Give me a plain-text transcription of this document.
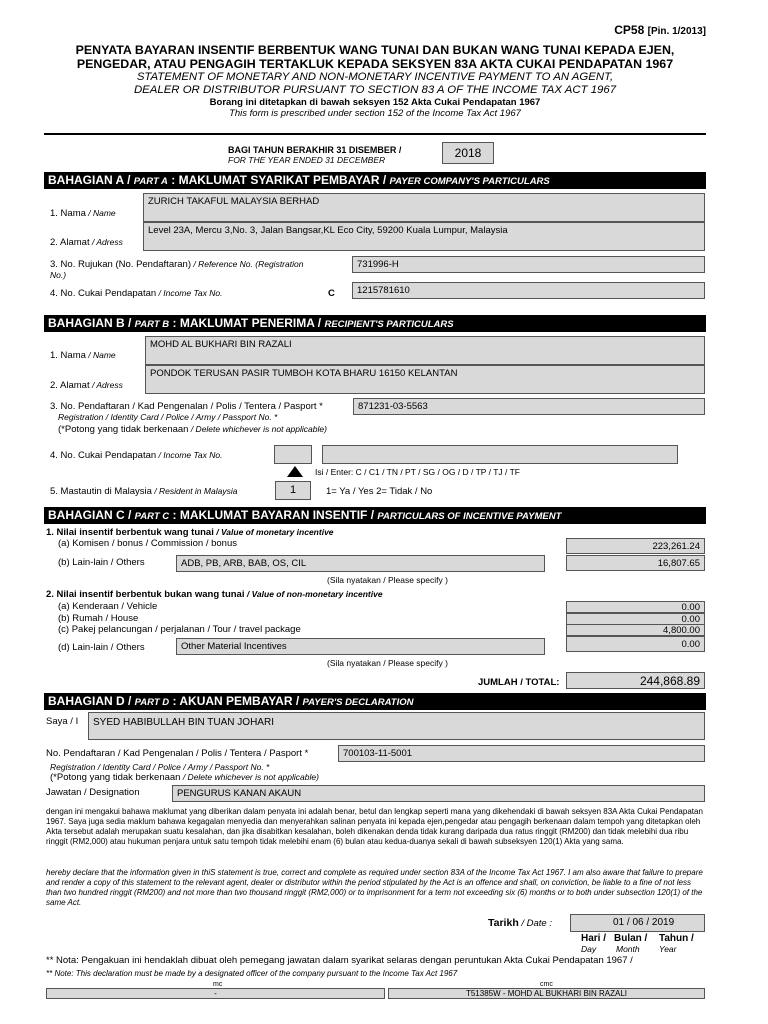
CP58 [Pin. 1/2013]
PENYATA BAYARAN INSENTIF BERBENTUK WANG TUNAI DAN BUKAN WANG TUNAI KEPADA EJEN,
PENGEDAR, ATAU PENGAGIH TERTAKLUK KEPADA SEKSYEN 83A AKTA CUKAI PENDAPATAN 1967
STATEMENT OF MONETARY AND NON-MONETARY INCENTIVE PAYMENT TO AN AGENT,
DEALER OR DISTRIBUTOR PURSUANT TO SECTION 83 A OF THE INCOME TAX ACT 1967
Borang ini ditetapkan di bawah seksyen 152 Akta Cukai Pendapatan 1967
This form is prescribed under section 152 of the Income Tax Act 1967
BAGI TAHUN BERAKHIR 31 DISEMBER /
FOR THE YEAR ENDED 31 DECEMBER	2018
BAHAGIAN A / PART A : MAKLUMAT SYARIKAT PEMBAYAR / PAYER COMPANY'S PARTICULARS
1. Nama / Name
ZURICH TAKAFUL MALAYSIA BERHAD
2. Alamat / Adress
Level 23A, Mercu 3,No. 3, Jalan Bangsar,KL Eco City, 59200 Kuala Lumpur, Malaysia
3. No. Rujukan (No. Pendaftaran) / Reference No. (Registration
No.)
731996-H
4. No. Cukai Pendapatan / Income Tax No.	C	1215781610
BAHAGIAN B / PART B : MAKLUMAT PENERIMA / RECIPIENT'S PARTICULARS
1. Nama / Name
MOHD AL BUKHARI BIN RAZALI
2. Alamat / Adress
PONDOK TERUSAN PASIR TUMBOH KOTA BHARU 16150 KELANTAN
3. No. Pendaftaran / Kad Pengenalan / Polis / Tentera / Pasport *
Registration / Identity Card / Police / Army / Passport No. *
(*Potong yang tidak berkenaan / Delete whichever is not applicable)
871231-03-5563
4. No. Cukai Pendapatan / Income Tax No.
Isi / Enter: C / C1 / TN / PT / SG / OG / D / TP / TJ / TF
5. Mastautin di Malaysia / Resident in Malaysia	1	1= Ya / Yes 2= Tidak / No
BAHAGIAN C / PART C : MAKLUMAT BAYARAN INSENTIF / PARTICULARS OF INCENTIVE PAYMENT
1. Nilai insentif berbentuk wang tunai / Value of monetary incentive
(a) Komisen / bonus / Commission / bonus	223,261.24
(b) Lain-lain / Others	ADB, PB, ARB, BAB, OS, CIL	16,807.65
(Sila nyatakan / Please specify )
2. Nilai insentif berbentuk bukan wang tunai / Value of non-monetary incentive
(a) Kenderaan / Vehicle	0.00
(b) Rumah / House	0.00
(c) Pakej pelancungan / perjalanan / Tour / travel package	4,800.00
(d) Lain-lain / Others	Other Material Incentives	0.00
(Sila nyatakan / Please specify )
JUMLAH / TOTAL:	244,868.89
BAHAGIAN D / PART D : AKUAN PEMBAYAR / PAYER'S DECLARATION
Saya / I	SYED HABIBULLAH BIN TUAN JOHARI
No. Pendaftaran / Kad Pengenalan / Polis / Tentera / Pasport *	700103-11-5001
Registration / Identity Card / Police / Army / Passport No. *
(*Potong yang tidak berkenaan / Delete whichever is not applicable)
Jawatan / Designation	PENGURUS KANAN AKAUN
dengan ini mengakui bahawa maklumat yang diberikan dalam penyata ini adalah benar, betul dan lengkap seperti mana yang dikehendaki di bawah seksyen 83A Akta Cukai Pendapatan 1967. Saya juga sedia maklum bahawa kegagalan menyedia dan menyerahkan salinan penyata ini kepada ejen,pengedar atau pengagih berkenaan dalam tempoh yang ditetapkan oleh Akta tersebut adalah merupakan suatu kesalahan, dan jika disabitkan kesalahan, boleh dikenakan denda tidak kurang daripada dua ratus ringgit (RM200) dan tidak melebihi dua ribu ringgit (RM2,000) atau hukuman penjara untuk satu tempoh tidak melebihi enam (6) bulan atau kedua-duanya sekali di bawah subseksyen 120(1) Akta yang sama.
hereby declare that the information given in thiS statement is true, correct and complete as required under section 83A of the Income Tax Act 1967. I am also aware that failure to prepare and render a copy of this statement to the relevant agent, dealer or distributor within the period stipulated by the Act is an offence and shall, on conviction, be liable to a fine of not less than two hundred ringgit (RM200) and not more than two thousand ringgit (RM2,000) or to imprisonment for a term not exceeding six (6) months or to both under subsection 120(1) of the same Act.
Tarikh / Date :	01 / 06 / 2019
Hari /
Day
Bulan /
Month
Tahun /
Year
** Nota: Pengakuan ini hendaklah dibuat oleh pemegang jawatan dalam syarikat selaras dengan peruntukan Akta Cukai Pendapatan 1967 /
** Note: This declaration must be made by a designated officer of the company pursuant to the Income Tax Act 1967
mc	cmc
-	T51385W - MOHD AL BUKHARI BIN RAZALI
